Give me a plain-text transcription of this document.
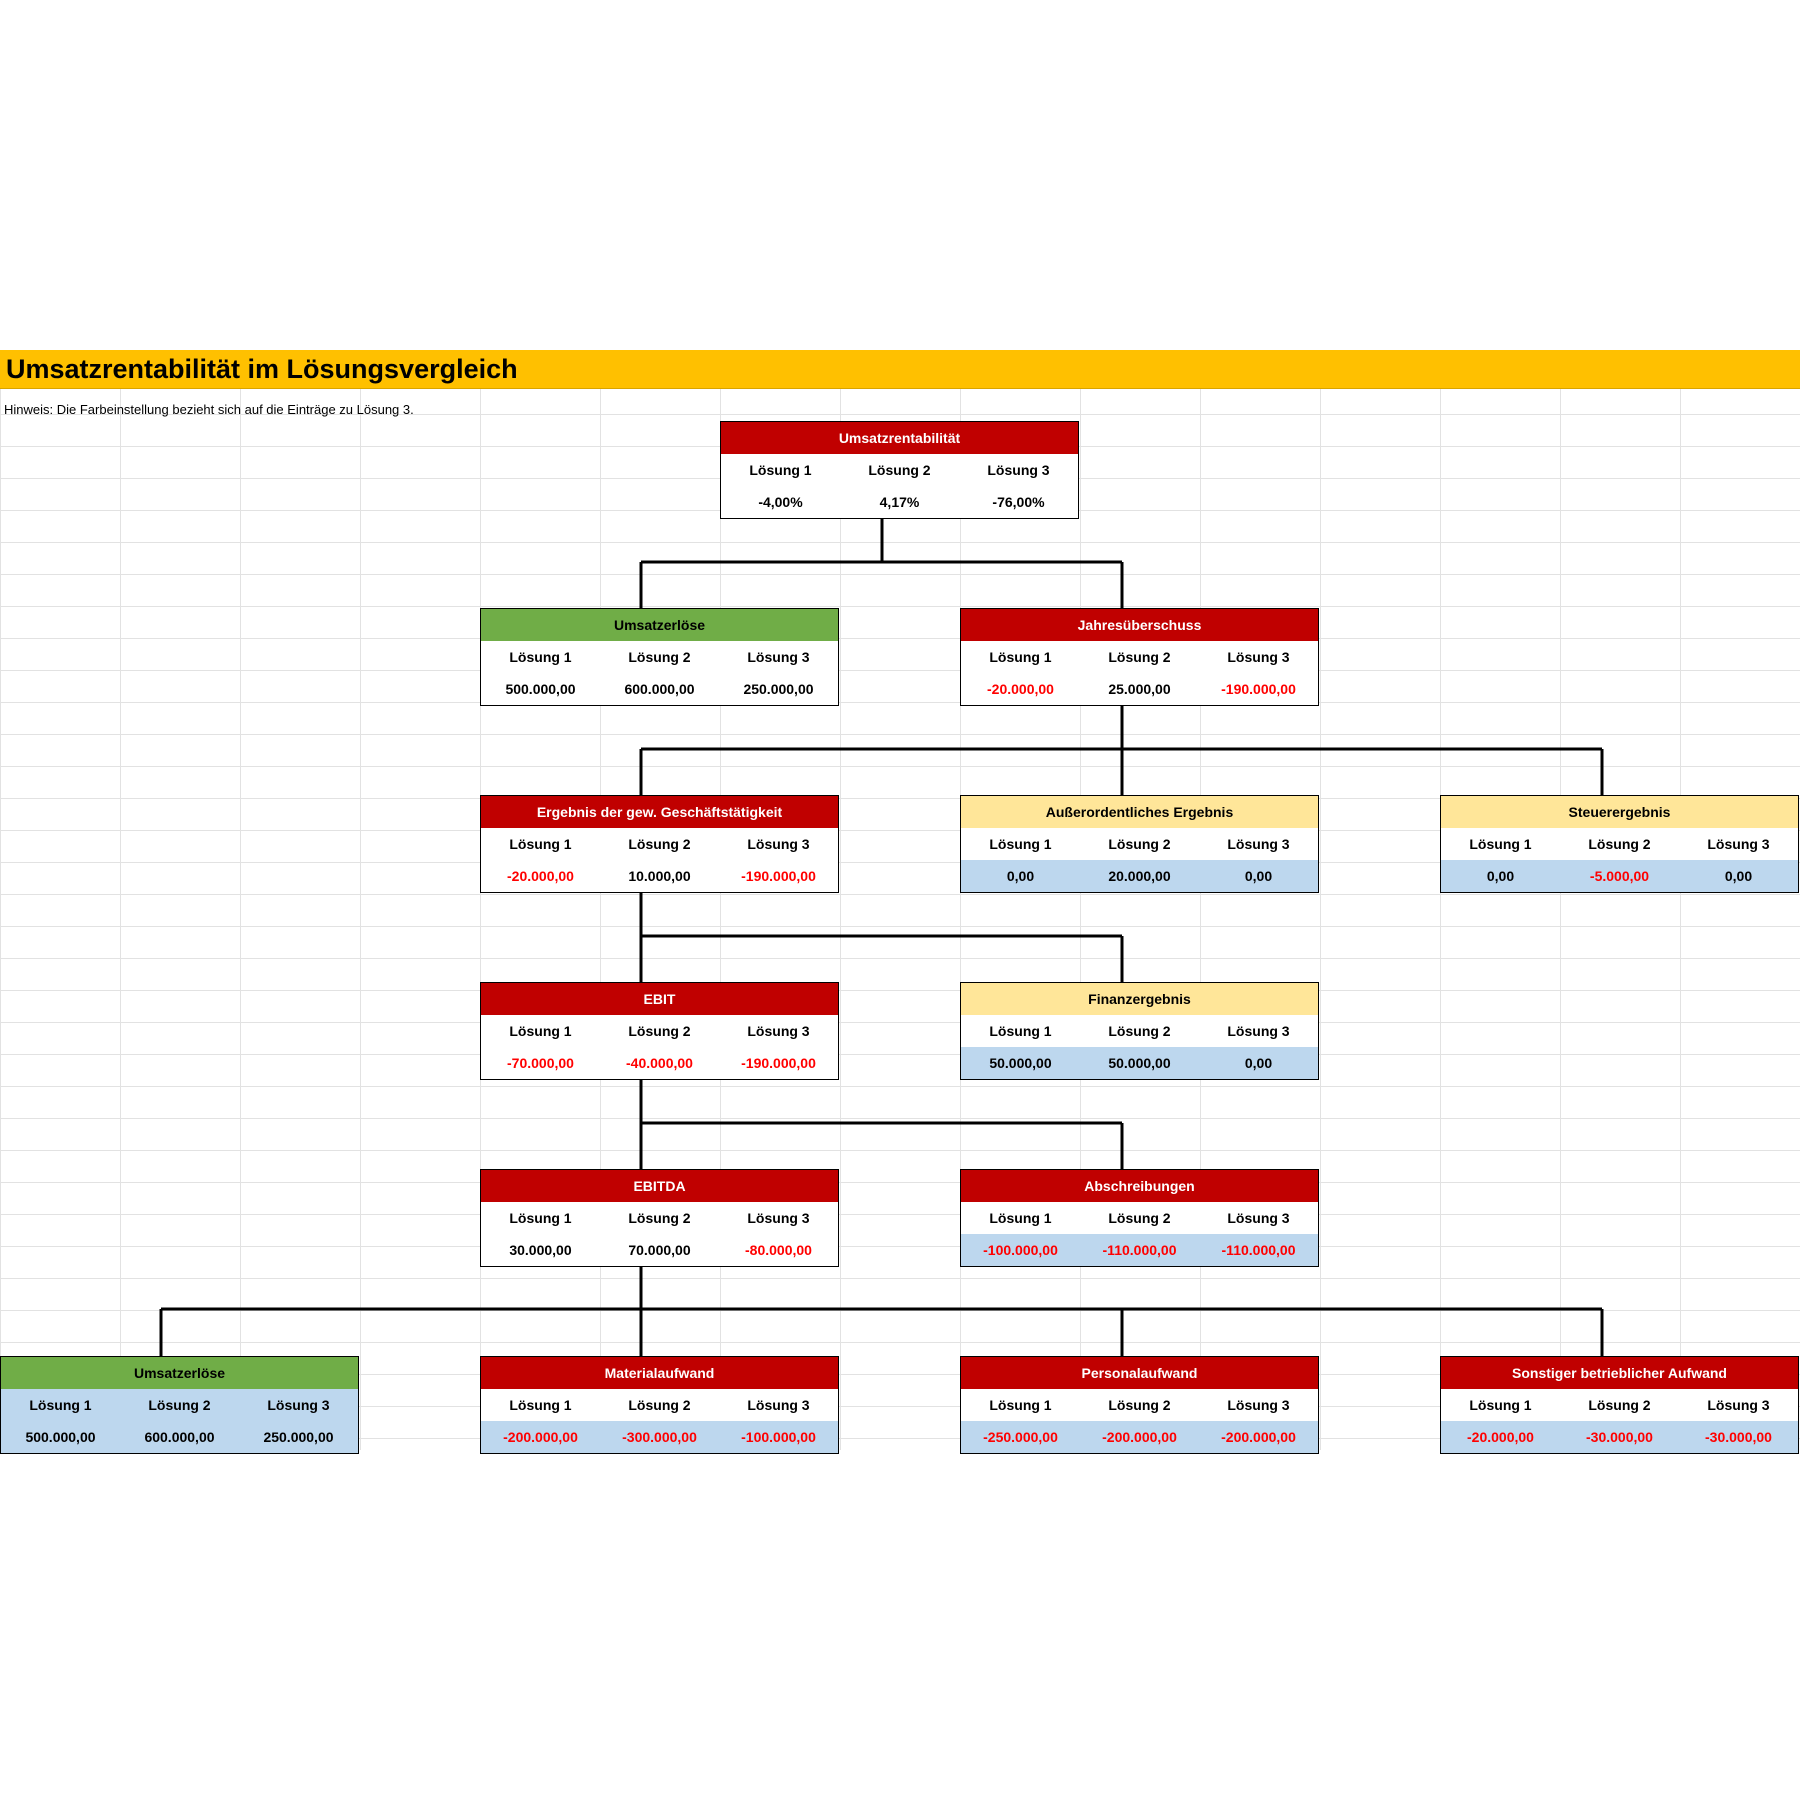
Umsatzrentabilität im Lösungsvergleich
Hinweis: Die Farbeinstellung bezieht sich auf die Einträge zu Lösung 3.
Umsatzrentabilität
Lösung 1	Lösung 2	Lösung 3
-4,00%	4,17%	-76,00%
Umsatzerlöse
Lösung 1	Lösung 2	Lösung 3
500.000,00	600.000,00	250.000,00
Jahresüberschuss
Lösung 1	Lösung 2	Lösung 3
-20.000,00	25.000,00	-190.000,00
Ergebnis der gew. Geschäftstätigkeit
Lösung 1	Lösung 2	Lösung 3
-20.000,00	10.000,00	-190.000,00
Außerordentliches Ergebnis
Lösung 1	Lösung 2	Lösung 3
0,00	20.000,00	0,00
Steuerergebnis
Lösung 1	Lösung 2	Lösung 3
0,00	-5.000,00	0,00
EBIT
Lösung 1	Lösung 2	Lösung 3
-70.000,00	-40.000,00	-190.000,00
Finanzergebnis
Lösung 1	Lösung 2	Lösung 3
50.000,00	50.000,00	0,00
EBITDA
Lösung 1	Lösung 2	Lösung 3
30.000,00	70.000,00	-80.000,00
Abschreibungen
Lösung 1	Lösung 2	Lösung 3
-100.000,00	-110.000,00	-110.000,00
Umsatzerlöse
Lösung 1	Lösung 2	Lösung 3
500.000,00	600.000,00	250.000,00
Materialaufwand
Lösung 1	Lösung 2	Lösung 3
-200.000,00	-300.000,00	-100.000,00
Personalaufwand
Lösung 1	Lösung 2	Lösung 3
-250.000,00	-200.000,00	-200.000,00
Sonstiger betrieblicher Aufwand
Lösung 1	Lösung 2	Lösung 3
-20.000,00	-30.000,00	-30.000,00
